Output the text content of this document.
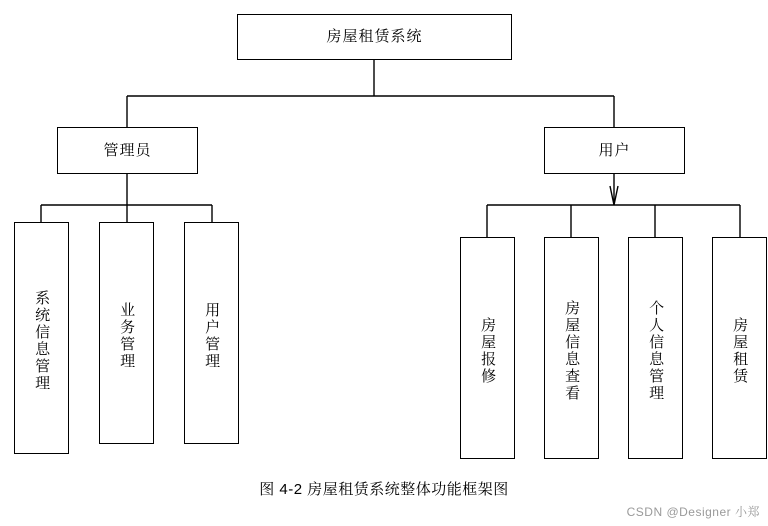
房屋租赁系统
管理员	用户
系统信息管理	业务管理	用户管理	房屋报修	房屋信息查看	个人信息管理	房屋租赁
图 4-2 房屋租赁系统整体功能框架图
CSDN @Designer 小郑
